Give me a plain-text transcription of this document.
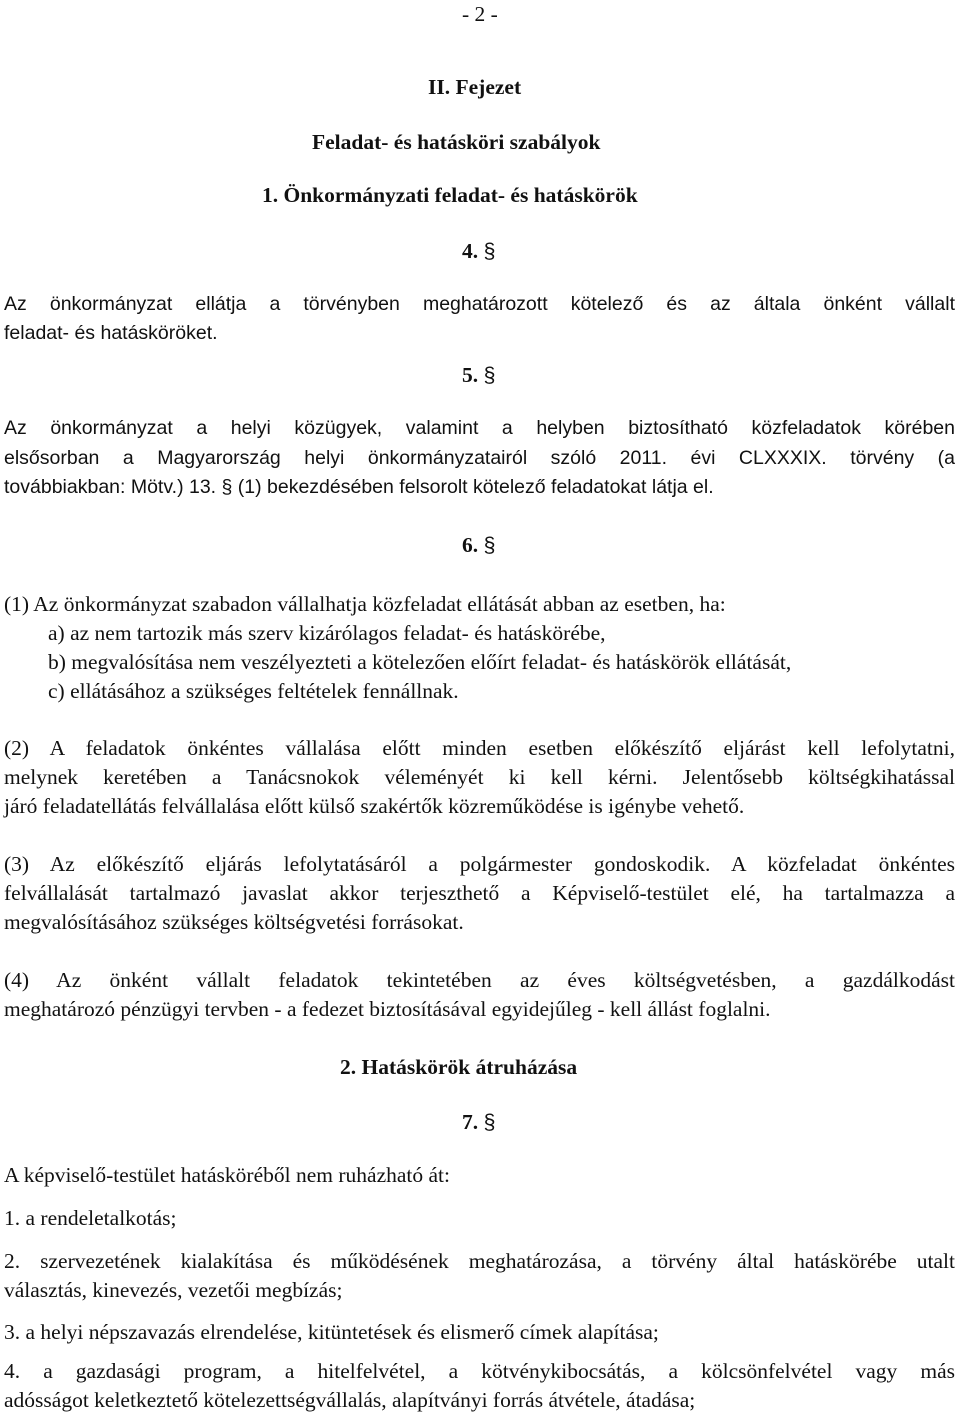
- 2 -
II. Fejezet
Feladat- és hatásköri szabályok
1. Önkormányzati feladat- és hatáskörök
4. §
Az önkormányzat ellátja a törvényben meghatározott kötelező és az általa önként vállalt
feladat- és hatásköröket.
5. §
Az önkormányzat a helyi közügyek, valamint a helyben biztosítható közfeladatok körében
elsősorban a Magyarország helyi önkormányzatairól szóló 2011. évi CLXXXIX. törvény (a
továbbiakban: Mötv.) 13. § (1) bekezdésében felsorolt kötelező feladatokat látja el.
6. §
(1) Az önkormányzat szabadon vállalhatja közfeladat ellátását abban az esetben, ha:
a) az nem tartozik más szerv kizárólagos feladat- és hatáskörébe,
b) megvalósítása nem veszélyezteti a kötelezően előírt feladat- és hatáskörök ellátását,
c) ellátásához a szükséges feltételek fennállnak.
(2) A feladatok önkéntes vállalása előtt minden esetben előkészítő eljárást kell lefolytatni,
melynek keretében a Tanácsnokok véleményét ki kell kérni. Jelentősebb költségkihatással
járó feladatellátás felvállalása előtt külső szakértők közreműködése is igénybe vehető.
(3) Az előkészítő eljárás lefolytatásáról a polgármester gondoskodik. A közfeladat önkéntes
felvállalását tartalmazó javaslat akkor terjeszthető a Képviselő-testület elé, ha tartalmazza a
megvalósításához szükséges költségvetési forrásokat.
(4) Az önként vállalt feladatok tekintetében az éves költségvetésben, a gazdálkodást
meghatározó pénzügyi tervben - a fedezet biztosításával egyidejűleg - kell állást foglalni.
2. Hatáskörök átruházása
7. §
A képviselő-testület hatásköréből nem ruházható át:
1. a rendeletalkotás;
2. szervezetének kialakítása és működésének meghatározása, a törvény által hatáskörébe utalt
választás, kinevezés, vezetői megbízás;
3. a helyi népszavazás elrendelése, kitüntetések és elismerő címek alapítása;
4. a gazdasági program, a hitelfelvétel, a kötvénykibocsátás, a kölcsönfelvétel vagy más
adósságot keletkeztető kötelezettségvállalás, alapítványi forrás átvétele, átadása;
